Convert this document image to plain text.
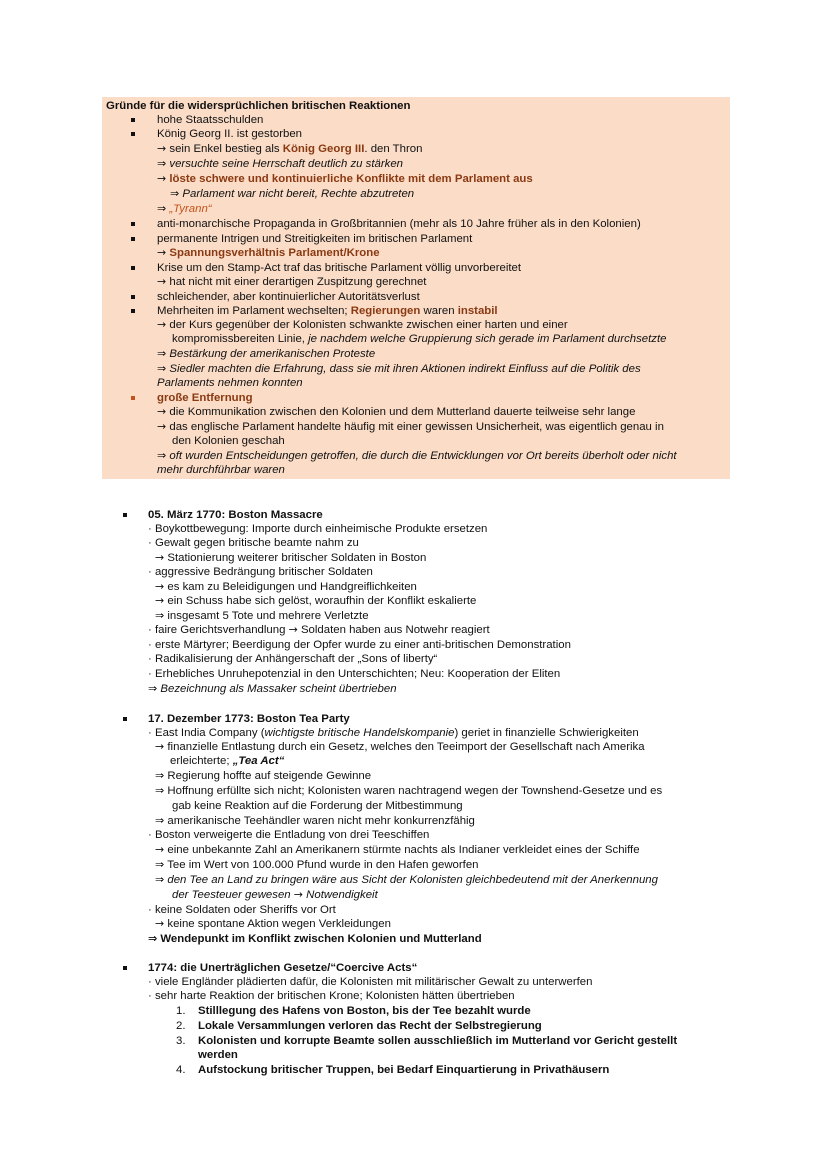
Gründe für die widersprüchlichen britischen Reaktionen
hohe Staatsschulden
König Georg II. ist gestorben
→ sein Enkel bestieg als König Georg III. den Thron
⇒ versuchte seine Herrschaft deutlich zu stärken
→ löste schwere und kontinuierliche Konflikte mit dem Parlament aus
⇒ Parlament war nicht bereit, Rechte abzutreten
⇒ „Tyrann“
anti-monarchische Propaganda in Großbritannien (mehr als 10 Jahre früher als in den Kolonien)
permanente Intrigen und Streitigkeiten im britischen Parlament
→ Spannungsverhältnis Parlament/Krone
Krise um den Stamp-Act traf das britische Parlament völlig unvorbereitet
→ hat nicht mit einer derartigen Zuspitzung gerechnet
schleichender, aber kontinuierlicher Autoritätsverlust
Mehrheiten im Parlament wechselten; Regierungen waren instabil
→ der Kurs gegenüber der Kolonisten schwankte zwischen einer harten und einer
kompromissbereiten Linie, je nachdem welche Gruppierung sich gerade im Parlament durchsetzte
⇒ Bestärkung der amerikanischen Proteste
⇒ Siedler machten die Erfahrung, dass sie mit ihren Aktionen indirekt Einfluss auf die Politik des
Parlaments nehmen konnten
große Entfernung
→ die Kommunikation zwischen den Kolonien und dem Mutterland dauerte teilweise sehr lange
→ das englische Parlament handelte häufig mit einer gewissen Unsicherheit, was eigentlich genau in
den Kolonien geschah
⇒ oft wurden Entscheidungen getroffen, die durch die Entwicklungen vor Ort bereits überholt oder nicht
mehr durchführbar waren
05. März 1770: Boston Massacre
· Boykottbewegung: Importe durch einheimische Produkte ersetzen
· Gewalt gegen britische beamte nahm zu
→ Stationierung weiterer britischer Soldaten in Boston
· aggressive Bedrängung britischer Soldaten
→ es kam zu Beleidigungen und Handgreiflichkeiten
→ ein Schuss habe sich gelöst, woraufhin der Konflikt eskalierte
⇒ insgesamt 5 Tote und mehrere Verletzte
· faire Gerichtsverhandlung → Soldaten haben aus Notwehr reagiert
· erste Märtyrer; Beerdigung der Opfer wurde zu einer anti-britischen Demonstration
· Radikalisierung der Anhängerschaft der „Sons of liberty“
· Erhebliches Unruhepotenzial in den Unterschichten; Neu: Kooperation der Eliten
⇒ Bezeichnung als Massaker scheint übertrieben
17. Dezember 1773: Boston Tea Party
· East India Company (wichtigste britische Handelskompanie) geriet in finanzielle Schwierigkeiten
→ finanzielle Entlastung durch ein Gesetz, welches den Teeimport der Gesellschaft nach Amerika
erleichterte; „Tea Act“
⇒ Regierung hoffte auf steigende Gewinne
⇒ Hoffnung erfüllte sich nicht; Kolonisten waren nachtragend wegen der Townshend-Gesetze und es
gab keine Reaktion auf die Forderung der Mitbestimmung
⇒ amerikanische Teehändler waren nicht mehr konkurrenzfähig
· Boston verweigerte die Entladung von drei Teeschiffen
→ eine unbekannte Zahl an Amerikanern stürmte nachts als Indianer verkleidet eines der Schiffe
⇒ Tee im Wert von 100.000 Pfund wurde in den Hafen geworfen
⇒ den Tee an Land zu bringen wäre aus Sicht der Kolonisten gleichbedeutend mit der Anerkennung
der Teesteuer gewesen → Notwendigkeit
· keine Soldaten oder Sheriffs vor Ort
→ keine spontane Aktion wegen Verkleidungen
⇒ Wendepunkt im Konflikt zwischen Kolonien und Mutterland
1774: die Unerträglichen Gesetze/“Coercive Acts“
· viele Engländer plädierten dafür, die Kolonisten mit militärischer Gewalt zu unterwerfen
· sehr harte Reaktion der britischen Krone; Kolonisten hätten übertrieben
1. Stilllegung des Hafens von Boston, bis der Tee bezahlt wurde
2. Lokale Versammlungen verloren das Recht der Selbstregierung
3. Kolonisten und korrupte Beamte sollen ausschließlich im Mutterland vor Gericht gestellt
werden
4. Aufstockung britischer Truppen, bei Bedarf Einquartierung in Privathäusern
